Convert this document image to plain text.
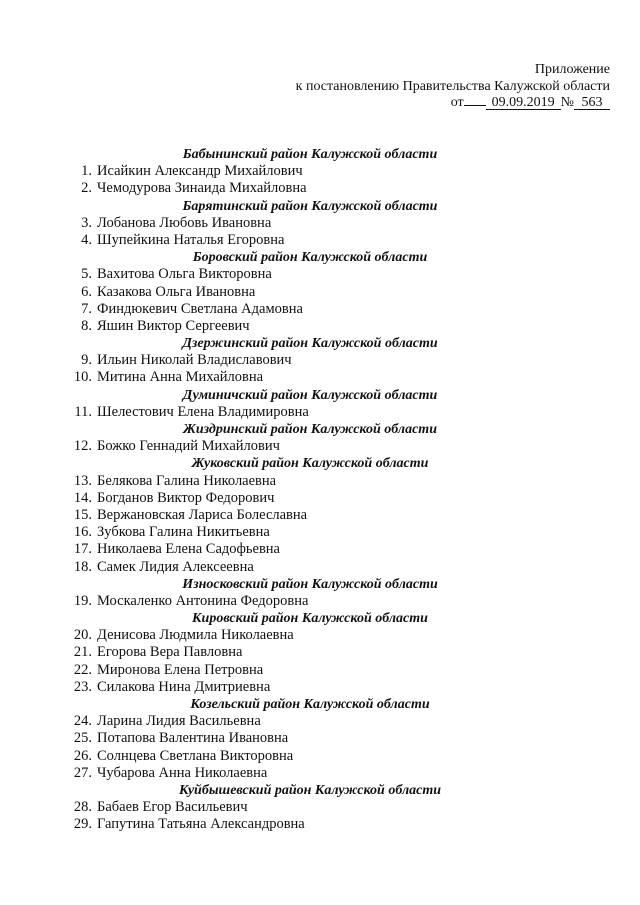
Приложение
к постановлению Правительства Калужской области
от 09.09.2019 № 563
Бабынинский район Калужской области
1. Исайкин Александр Михайлович
2. Чемодурова Зинаида Михайловна
Барятинский район Калужской области
3. Лобанова Любовь Ивановна
4. Шупейкина Наталья Егоровна
Боровский район Калужской области
5. Вахитова Ольга Викторовна
6. Казакова Ольга Ивановна
7. Финдюкевич Светлана Адамовна
8. Яшин Виктор Сергеевич
Дзержинский район Калужской области
9. Ильин Николай Владиславович
10. Митина Анна Михайловна
Думиничский район Калужской области
11. Шелестович Елена Владимировна
Жиздринский район Калужской области
12. Божко Геннадий Михайлович
Жуковский район Калужской области
13. Белякова Галина Николаевна
14. Богданов Виктор Федорович
15. Вержановская Лариса Болеславна
16. Зубкова Галина Никитьевна
17. Николаева Елена Садофьевна
18. Самек Лидия Алексеевна
Износковский район Калужской области
19. Москаленко Антонина Федоровна
Кировский район Калужской области
20. Денисова Людмила Николаевна
21. Егорова Вера Павловна
22. Миронова Елена Петровна
23. Силакова Нина Дмитриевна
Козельский район Калужской области
24. Ларина Лидия Васильевна
25. Потапова Валентина Ивановна
26. Солнцева Светлана Викторовна
27. Чубарова Анна Николаевна
Куйбышевский район Калужской области
28. Бабаев Егор Васильевич
29. Гапутина Татьяна Александровна
